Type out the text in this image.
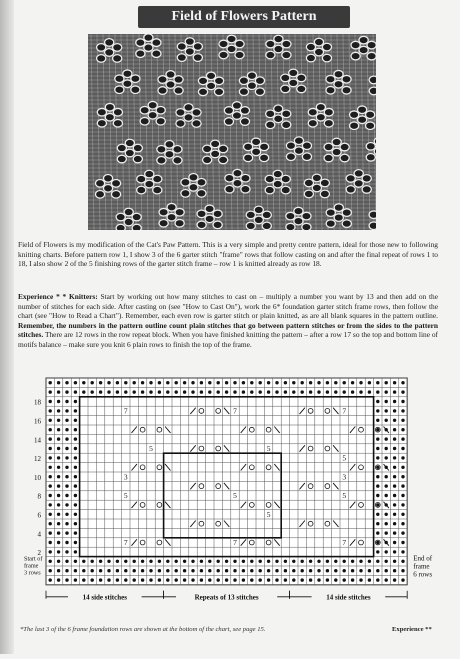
Field of Flowers Pattern

Field of Flowers is my modification of the Cat's Paw Pattern. This is a very simple and pretty centre pattern, ideal for those new to following knitting charts. Before pattern row 1, I show 3 of the 6 garter stitch "frame" rows that follow casting on and after the final repeat of rows 1 to 18, I also show 2 of the 5 finishing rows of the garter stitch frame – row 1 is knitted already as row 18.

Experience * * Knitters: Start by working out how many stitches to cast on – multiply a number you want by 13 and then add on the number of stitches for each side. After casting on (see "How to Cast On"), work the 6* foundation garter stitch frame rows, then follow the chart (see "How to Read a Chart"). Remember, each even row is garter stitch or plain knitted, as are all blank squares in the pattern outline. Remember, the numbers in the pattern outline count plain stitches that go between pattern stitches or from the sides to the pattern stitches. There are 12 rows in the row repeat block. When you have finished knitting the pattern – after a row 17 so the top and bottom line of motifs balance – make sure you knit 6 plain rows to finish the top of the frame.

7	7	7
5	5
5
3	3
5	5	5
5
7	7	7
18
16
14
12
10
8
6
4
2
Start of frame 3 rows
End of frame 6 rows
14 side stitches	Repeats of 13 stitches	14 side stitches
*The last 3 of the 6 frame foundation rows are shown at the bottom of the chart, see page 15.	Experience **
